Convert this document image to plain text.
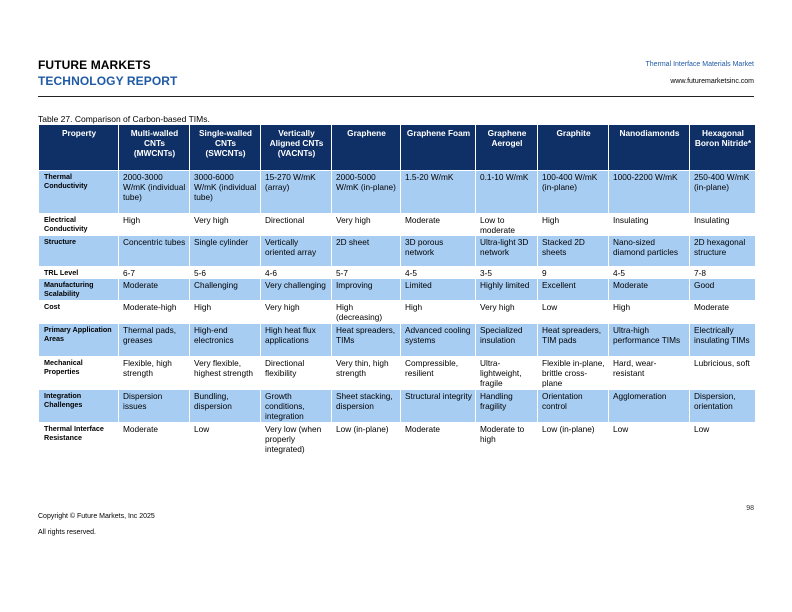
FUTURE MARKETS
TECHNOLOGY REPORT
Thermal Interface Materials Market
www.futuremarketsinc.com
Table 27. Comparison of Carbon-based TIMs.
Property	Multi-walled CNTs (MWCNTs)	Single-walled CNTs (SWCNTs)	Vertically Aligned CNTs (VACNTs)	Graphene	Graphene Foam	Graphene Aerogel	Graphite	Nanodiamonds	Hexagonal Boron Nitride*
Thermal Conductivity	2000-3000 W/mK (individual tube)	3000-6000 W/mK (individual tube)	15-270 W/mK (array)	2000-5000 W/mK (in-plane)	1.5-20 W/mK	0.1-10 W/mK	100-400 W/mK (in-plane)	1000-2200 W/mK	250-400 W/mK (in-plane)
Electrical Conductivity	High	Very high	Directional	Very high	Moderate	Low to moderate	High	Insulating	Insulating
Structure	Concentric tubes	Single cylinder	Vertically oriented array	2D sheet	3D porous network	Ultra-light 3D network	Stacked 2D sheets	Nano-sized diamond particles	2D hexagonal structure
TRL Level	6-7	5-6	4-6	5-7	4-5	3-5	9	4-5	7-8
Manufacturing Scalability	Moderate	Challenging	Very challenging	Improving	Limited	Highly limited	Excellent	Moderate	Good
Cost	Moderate-high	High	Very high	High (decreasing)	High	Very high	Low	High	Moderate
Primary Application Areas	Thermal pads, greases	High-end electronics	High heat flux applications	Heat spreaders, TIMs	Advanced cooling systems	Specialized insulation	Heat spreaders, TIM pads	Ultra-high performance TIMs	Electrically insulating TIMs
Mechanical Properties	Flexible, high strength	Very flexible, highest strength	Directional flexibility	Very thin, high strength	Compressible, resilient	Ultra-lightweight, fragile	Flexible in-plane, brittle cross-plane	Hard, wear-resistant	Lubricious, soft
Integration Challenges	Dispersion issues	Bundling, dispersion	Growth conditions, integration	Sheet stacking, dispersion	Structural integrity	Handling fragility	Orientation control	Agglomeration	Dispersion, orientation
Thermal Interface Resistance	Moderate	Low	Very low (when properly integrated)	Low (in-plane)	Moderate	Moderate to high	Low (in-plane)	Low	Low
98
Copyright © Future Markets, Inc 2025
All rights reserved.
